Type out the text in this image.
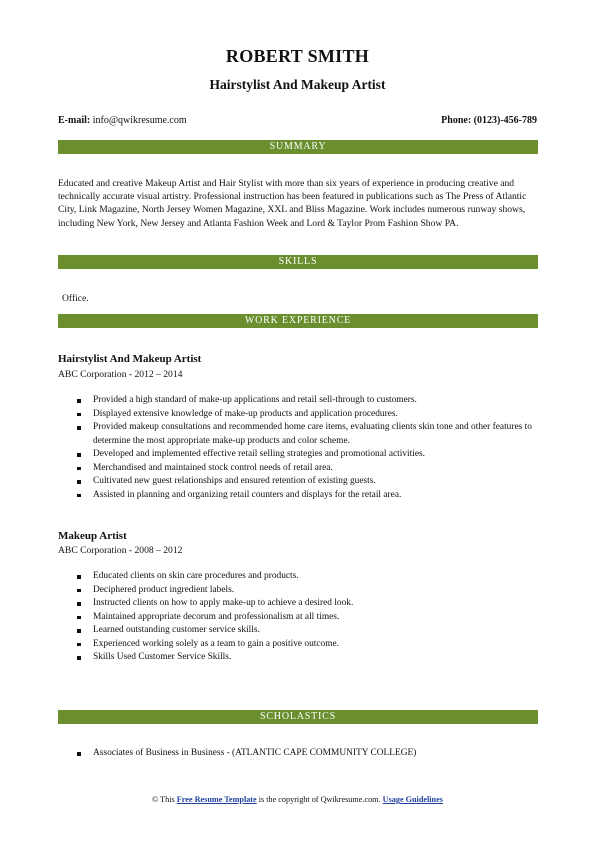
ROBERT SMITH
Hairstylist And Makeup Artist
E-mail: info@qwikresume.com	Phone: (0123)-456-789
SUMMARY
Educated and creative Makeup Artist and Hair Stylist with more than six years of experience in producing creative and technically accurate visual artistry. Professional instruction has been featured in publications such as The Press of Atlantic City, Link Magazine, North Jersey Women Magazine, XXL and Bliss Magazine. Work includes numerous runway shows, including New York, New Jersey and Atlanta Fashion Week and Lord & Taylor Prom Fashion Show PA.
SKILLS
Office.
WORK EXPERIENCE
Hairstylist And Makeup Artist
ABC Corporation - 2012 – 2014
Provided a high standard of make-up applications and retail sell-through to customers.
Displayed extensive knowledge of make-up products and application procedures.
Provided makeup consultations and recommended home care items, evaluating clients skin tone and other features to determine the most appropriate make-up products and color scheme.
Developed and implemented effective retail selling strategies and promotional activities.
Merchandised and maintained stock control needs of retail area.
Cultivated new guest relationships and ensured retention of existing guests.
Assisted in planning and organizing retail counters and displays for the retail area.
Makeup Artist
ABC Corporation - 2008 – 2012
Educated clients on skin care procedures and products.
Deciphered product ingredient labels.
Instructed clients on how to apply make-up to achieve a desired look.
Maintained appropriate decorum and professionalism at all times.
Learned outstanding customer service skills.
Experienced working solely as a team to gain a positive outcome.
Skills Used Customer Service Skills.
SCHOLASTICS
Associates of Business in Business - (ATLANTIC CAPE COMMUNITY COLLEGE)
© This Free Resume Template is the copyright of Qwikresume.com. Usage Guidelines
